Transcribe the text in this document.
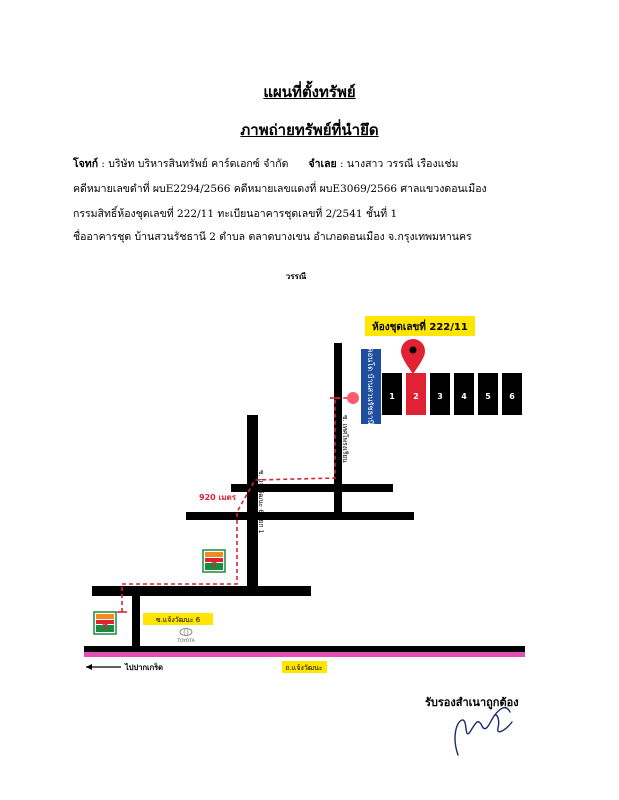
แผนที่ตั้งทรัพย์
ภาพถ่ายทรัพย์ที่นำยึด
โจทก์ : บริษัท บริหารสินทรัพย์ คาร์ดเอกซ์ จำกัด จำเลย : นางสาว วรรณี เรืองแช่ม
คดีหมายเลขดำที่ ผบE2294/2566 คดีหมายเลขแดงที่ ผบE3069/2566 ศาลแขวงดอนเมือง
กรรมสิทธิ์ห้องชุดเลขที่ 222/11 ทะเบียนอาคารชุดเลขที่ 2/2541 ชั้นที่ 1
ชื่ออาคารชุด บ้านสวนรัชธานี 2 ตำบล ตลาดบางเขน อำเภอดอนเมือง จ.กรุงเทพมหานคร
วรรณี
คอนโด บ้านสวนรัชธานี
ห้องชุดเลขที่ 222/11
1 2 3 4 5 6
ซ. เทศโพรงเรียน
ซ. แจ้งวัฒนะ 6 แยก 1 ซ. เทพโพธาราม
920 เมตร
ซ.แจ้งวัฒนะ 6
ถ.แจ้งวัฒนะ
ไปปากเกร็ด
7
7
TOYOTA
รับรองสำเนาถูกต้อง
